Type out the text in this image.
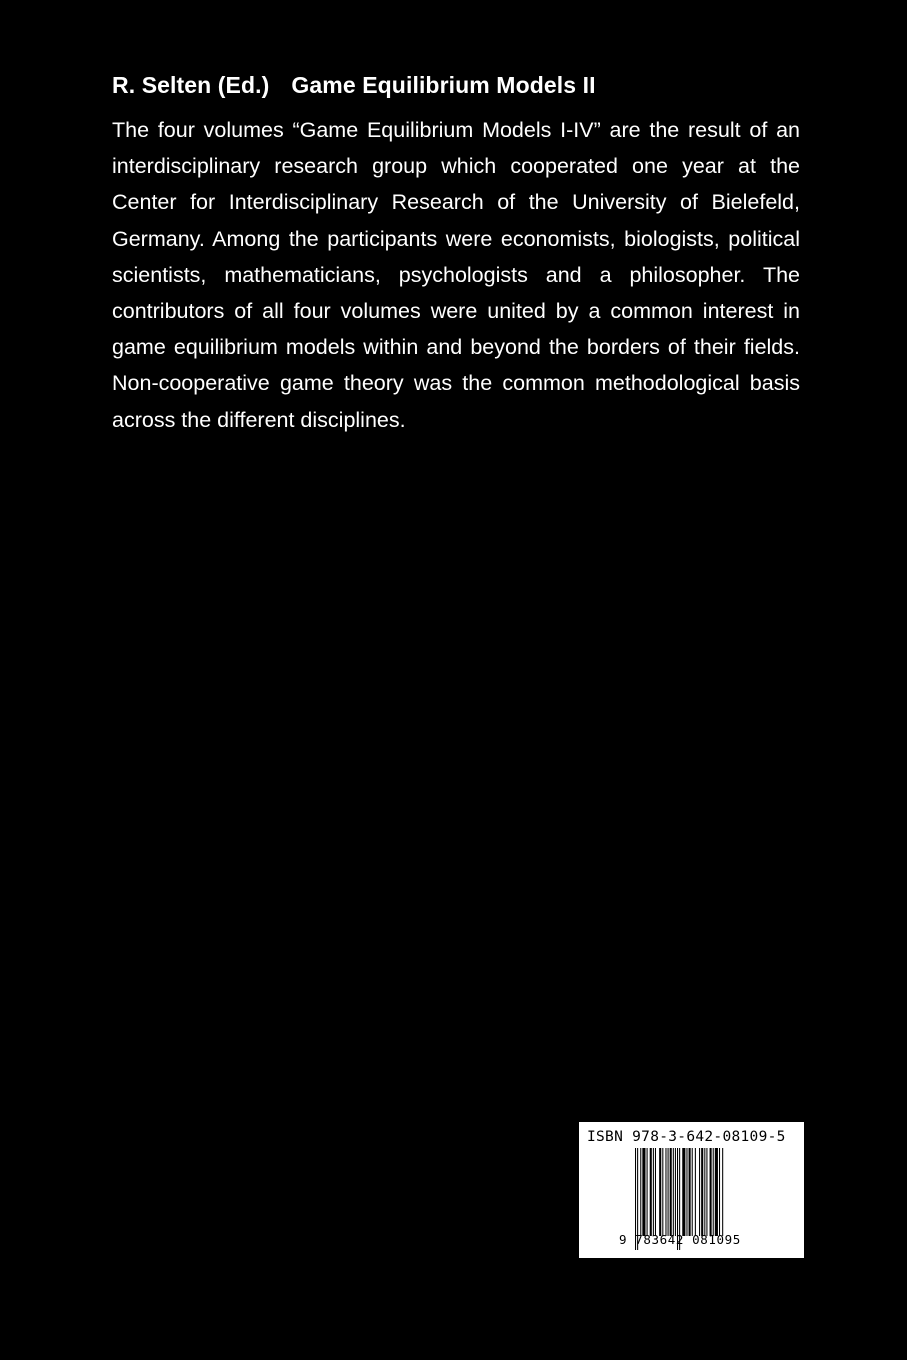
R. Selten (Ed.) Game Equilibrium Models II

The four volumes “Game Equilibrium Models I-IV” are the result of an interdisciplinary research group which cooperated one year at the Center for Interdisciplinary Research of the University of Bielefeld, Germany. Among the participants were economists, biologists, political scientists, mathematicians, psychologists and a philosopher. The contributors of all four volumes were united by a common interest in game equilibrium models within and beyond the borders of their fields. Non-cooperative game theory was the common methodological basis across the different disciplines.

ISBN 978-3-642-08109-5
9 783642 081095
